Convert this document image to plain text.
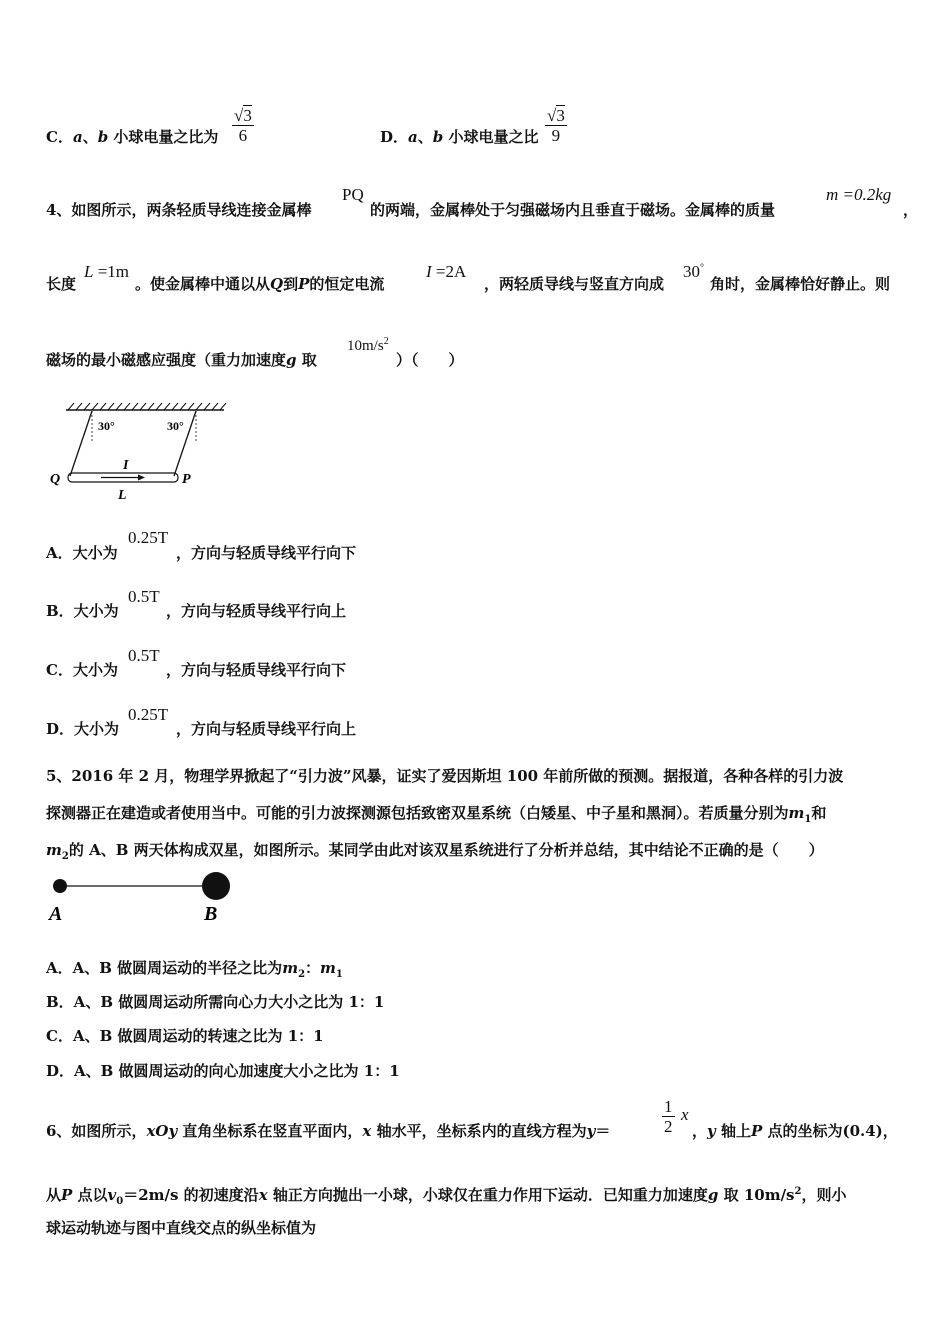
C．a、b 小球电量之比为 $\frac{√3}{6}$	D．a、b 小球电量之比 $\frac{√3}{9}$
4、如图所示，两条轻质导线连接金属棒
PQ
的两端，金属棒处于匀强磁场内且垂直于磁场。金属棒的质量
m =0.2kg
，
长度
L =1m
。使金属棒中通以从Q到P的恒定电流
I =2A
，两轻质导线与竖直方向成
30°
角时，金属棒恰好静止。则
磁场的最小磁感应强度（重力加速度g 取
$10m/s^2$
）（　　）
30°	30°
I
Q	P
L
A．大小为
0.25T
，方向与轻质导线平行向下
B．大小为
0.5T
，方向与轻质导线平行向上
C．大小为
0.5T
，方向与轻质导线平行向下
D．大小为
0.25T
，方向与轻质导线平行向上
5、2016 年 2 月，物理学界掀起了“引力波”风暴，证实了爱因斯坦 100 年前所做的预测。据报道，各种各样的引力波
探测器正在建造或者使用当中。可能的引力波探测源包括致密双星系统（白矮星、中子星和黑洞）。若质量分别为$m_1$和
$m_2$的 A、B 两天体构成双星，如图所示。某同学由此对该双星系统进行了分析并总结，其中结论不正确的是（　　）
A	B
A．A、B 做圆周运动的半径之比为$m_2$：$m_1$
B．A、B 做圆周运动所需向心力大小之比为 1：1
C．A、B 做圆周运动的转速之比为 1：1
D．A、B 做圆周运动的向心加速度大小之比为 1：1
6、如图所示，xOy 直角坐标系在竖直平面内，x 轴水平，坐标系内的直线方程为y＝	$\frac{1}{2}$ x
，y 轴上P 点的坐标为(0.4)，
从P 点以$v_0=2m/s$ 的初速度沿x 轴正方向抛出一小球，小球仅在重力作用下运动．已知重力加速度g 取 $10m/s^2$，则小
球运动轨迹与图中直线交点的纵坐标值为
